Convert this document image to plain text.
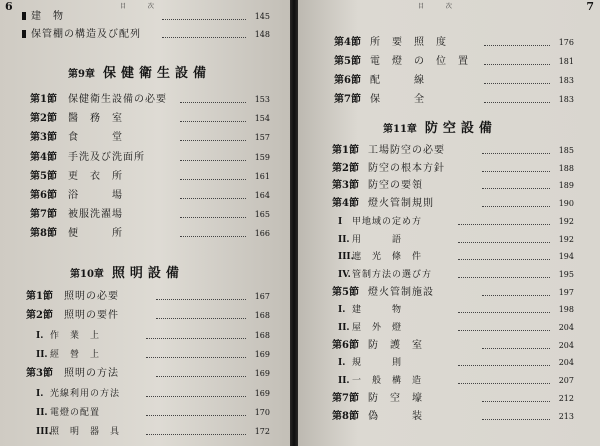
6	目 次
建　物	145
保管棚の構造及び配列	148
第9章 保健衛生設備
第1節 保健衛生設備の必要	153
第2節 醫　務　室	154
第3節 食　　　堂	157
第4節 手洗及び洗面所	159
第5節 更　衣　所	161
第6節 浴　　　場	164
第7節 被服洗濯場	165
第8節 便　　　所	166
第10章 照明設備
第1節 照明の必要	167
第2節 照明の要件	168
I. 作　業　上	168
II. 經　營　上	169
第3節 照明の方法	169
I. 光線利用の方法	169
II. 電燈の配置	170
III.照　明　器　具	172
目 次	7
第4節 所　要　照　度	176
第5節 電　燈　の　位　置	181
第6節 配　　　線	183
第7節 保　　　全	183
第11章 防空設備
第1節 工場防空の必要	185
第2節 防空の根本方針	188
第3節 防空の要領	189
第4節 燈火管制規則	190
I 甲地域の定め方	192
II. 用　　　語	192
III.遮　光　條　件	194
IV.管制方法の選び方	195
第5節 燈火管制施設	197
I. 建　　　物	198
II. 屋　外　燈	204
第6節 防　護　室	204
I. 規　　　則	204
II. 一　般　構　造	207
第7節 防　空　壕	212
第8節 偽　　　装	213
